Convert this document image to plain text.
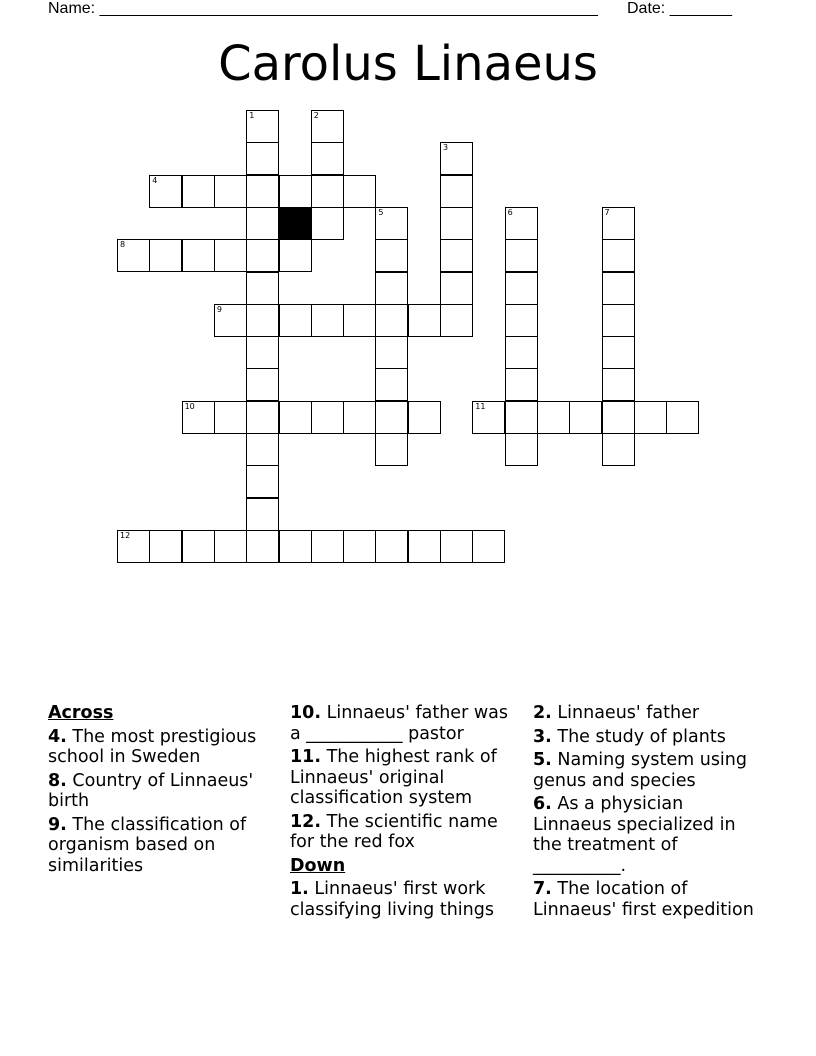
Name: ________________________________________________________ Date: _______
Carolus Linaeus
4
8
9
10	11
12
1	2
3
5	6	7
Across
4. The most prestigious school in Sweden
8. Country of Linnaeus' birth
9. The classification of organism based on similarities
10. Linnaeus' father was a ___________ pastor
11. The highest rank of Linnaeus' original classification system
12. The scientific name for the red fox
Down
1. Linnaeus' first work classifying living things
2. Linnaeus' father
3. The study of plants
5. Naming system using genus and species
6. As a physician Linnaeus specialized in the treatment of __________.
7. The location of Linnaeus' first expedition
